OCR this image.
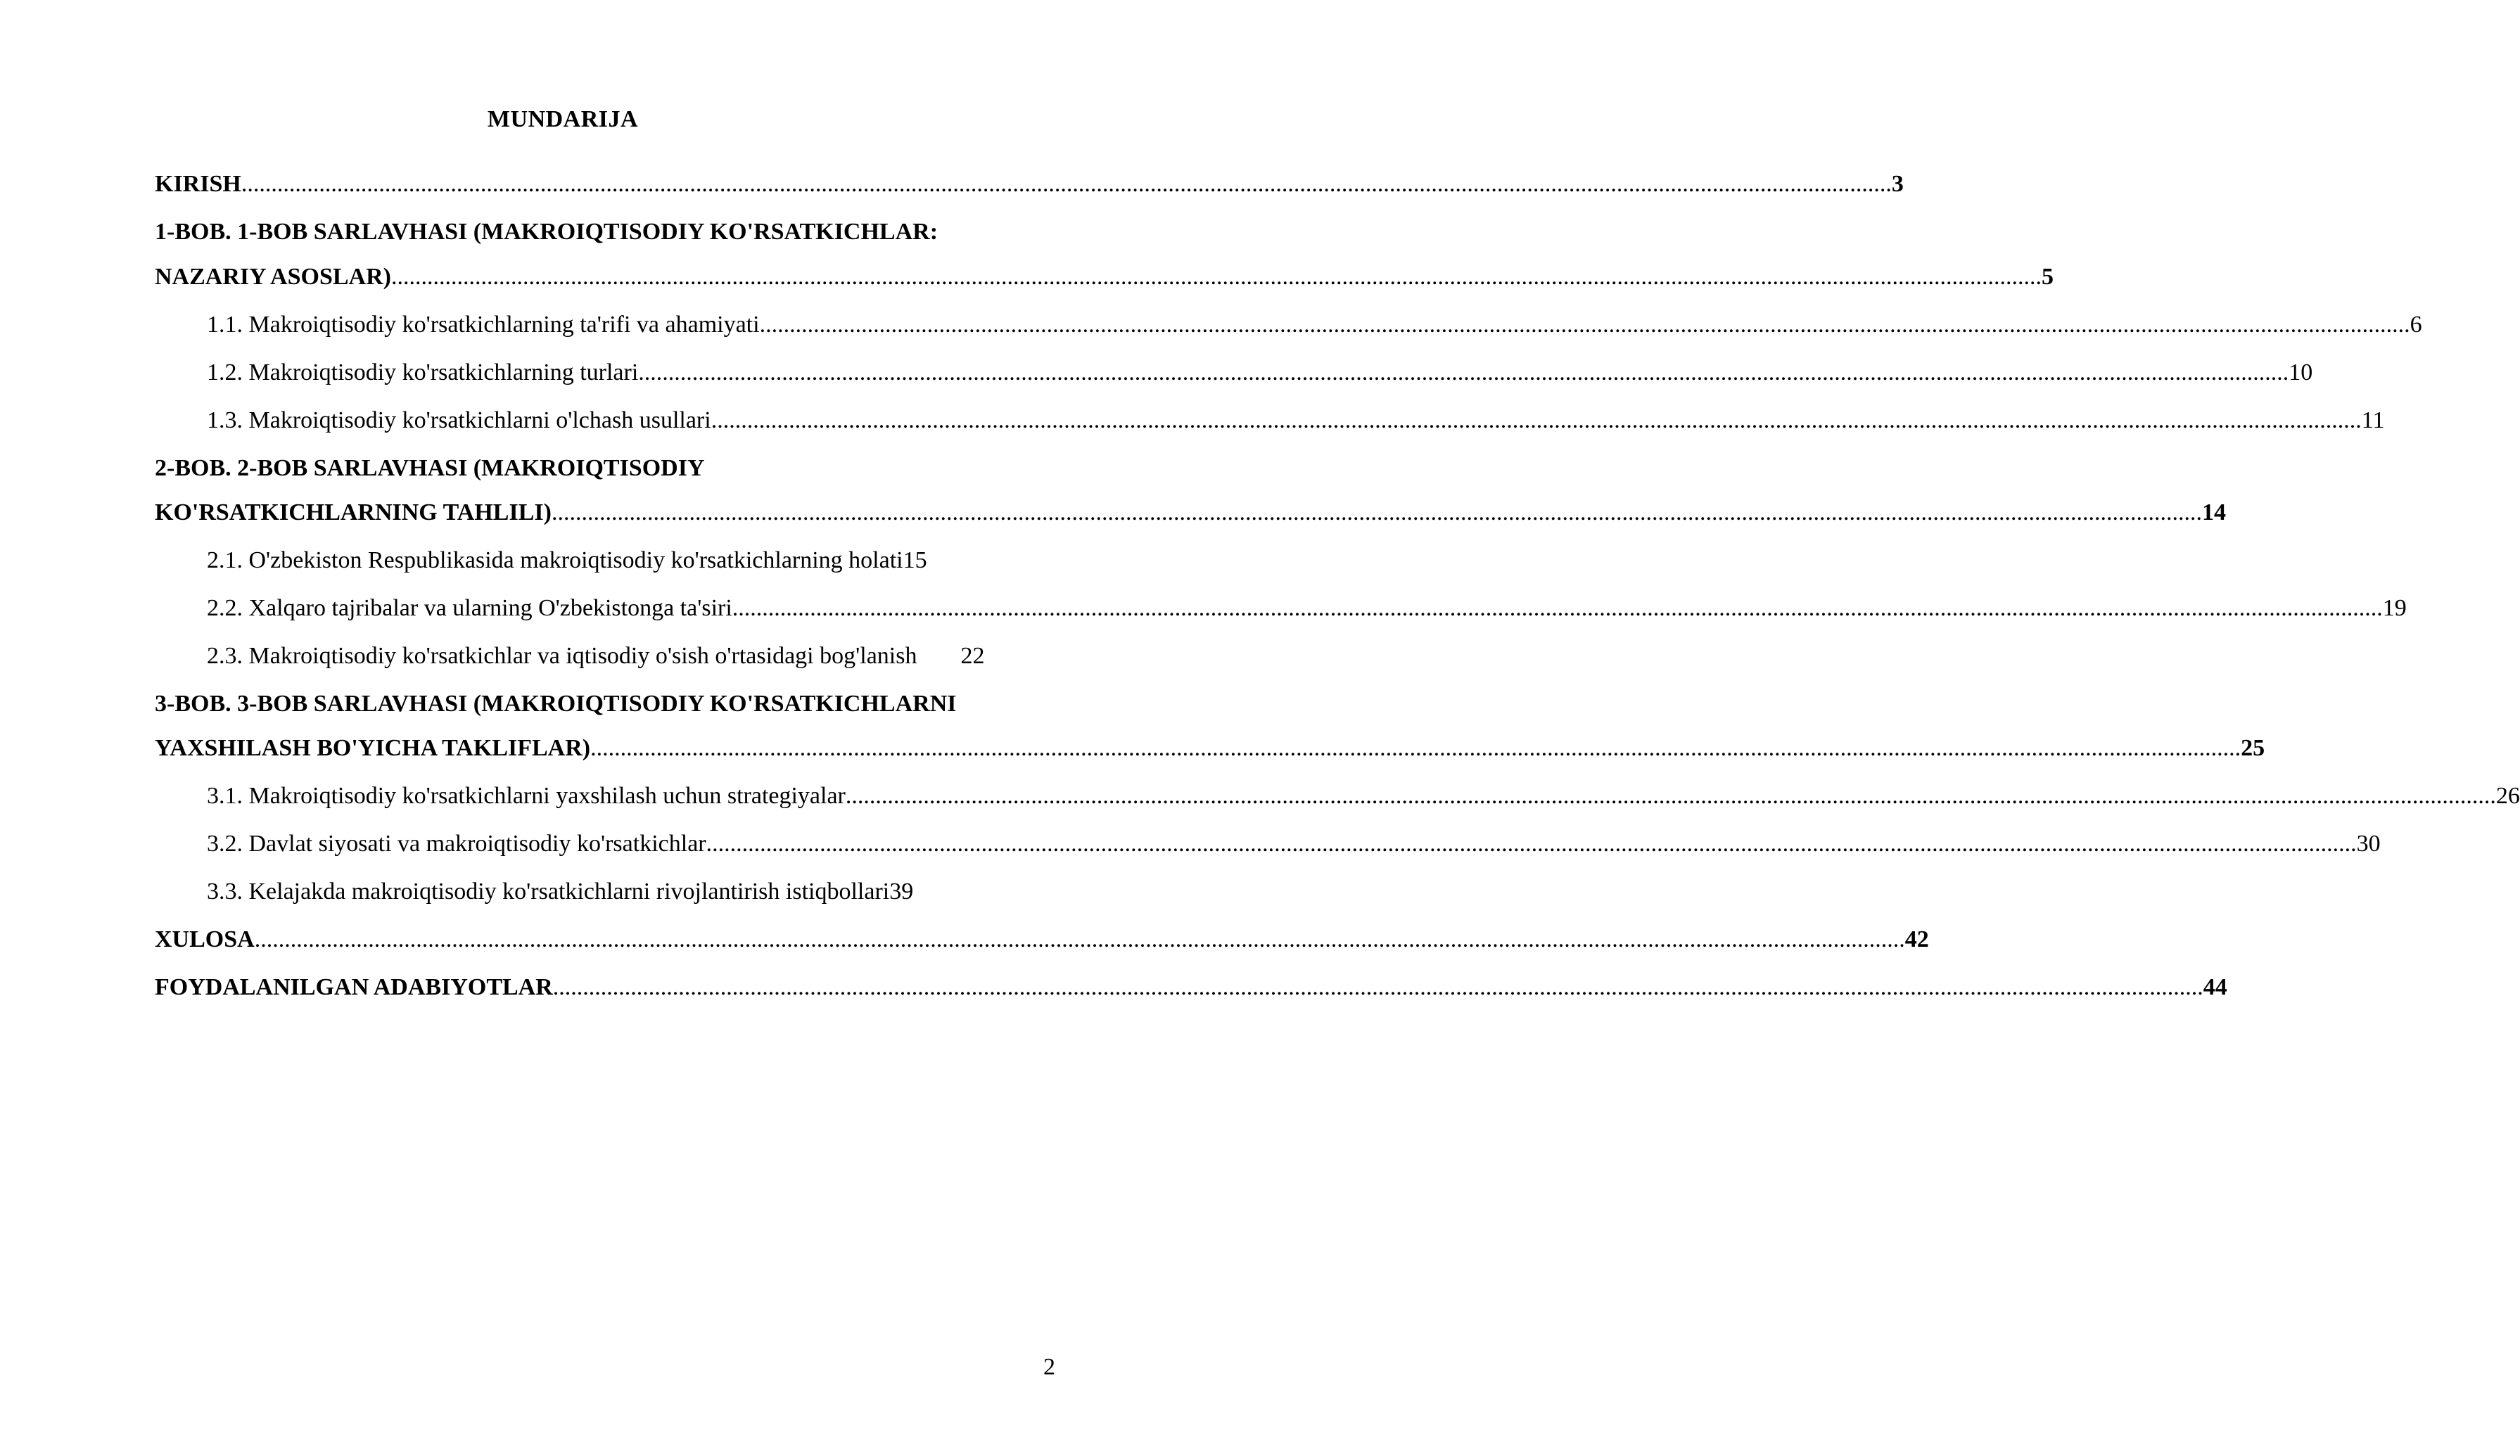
MUNDARIJA
KIRISH .................................................................................................................................................................................................................................................................................... 3
1-BOB. 1-BOB SARLAVHASI (MAKROIQTISODIY KO'RSATKICHLAR:
NAZARIY ASOSLAR) .................................................................................................................................................................................................................................................................................... 5
1.1. Makroiqtisodiy ko'rsatkichlarning ta'rifi va ahamiyati .................................................................................................................................................................................................................................................................................... 6
1.2. Makroiqtisodiy ko'rsatkichlarning turlari .................................................................................................................................................................................................................................................................................... 10
1.3. Makroiqtisodiy ko'rsatkichlarni o'lchash usullari .................................................................................................................................................................................................................................................................................... 11
2-BOB. 2-BOB SARLAVHASI (MAKROIQTISODIY
KO'RSATKICHLARNING TAHLILI) .................................................................................................................................................................................................................................................................................... 14
2.1. O'zbekiston Respublikasida makroiqtisodiy ko'rsatkichlarning holati15
2.2. Xalqaro tajribalar va ularning O'zbekistonga ta'siri .................................................................................................................................................................................................................................................................................... 19
2.3. Makroiqtisodiy ko'rsatkichlar va iqtisodiy o'sish o'rtasidagi bog'lanish 22
3-BOB. 3-BOB SARLAVHASI (MAKROIQTISODIY KO'RSATKICHLARNI
YAXSHILASH BO'YICHA TAKLIFLAR) .................................................................................................................................................................................................................................................................................... 25
3.1. Makroiqtisodiy ko'rsatkichlarni yaxshilash uchun strategiyalar .................................................................................................................................................................................................................................................................................... 26
3.2. Davlat siyosati va makroiqtisodiy ko'rsatkichlar .................................................................................................................................................................................................................................................................................... 30
3.3. Kelajakda makroiqtisodiy ko'rsatkichlarni rivojlantirish istiqbollari39
XULOSA .................................................................................................................................................................................................................................................................................... 42
FOYDALANILGAN ADABIYOTLAR .................................................................................................................................................................................................................................................................................... 44
2
